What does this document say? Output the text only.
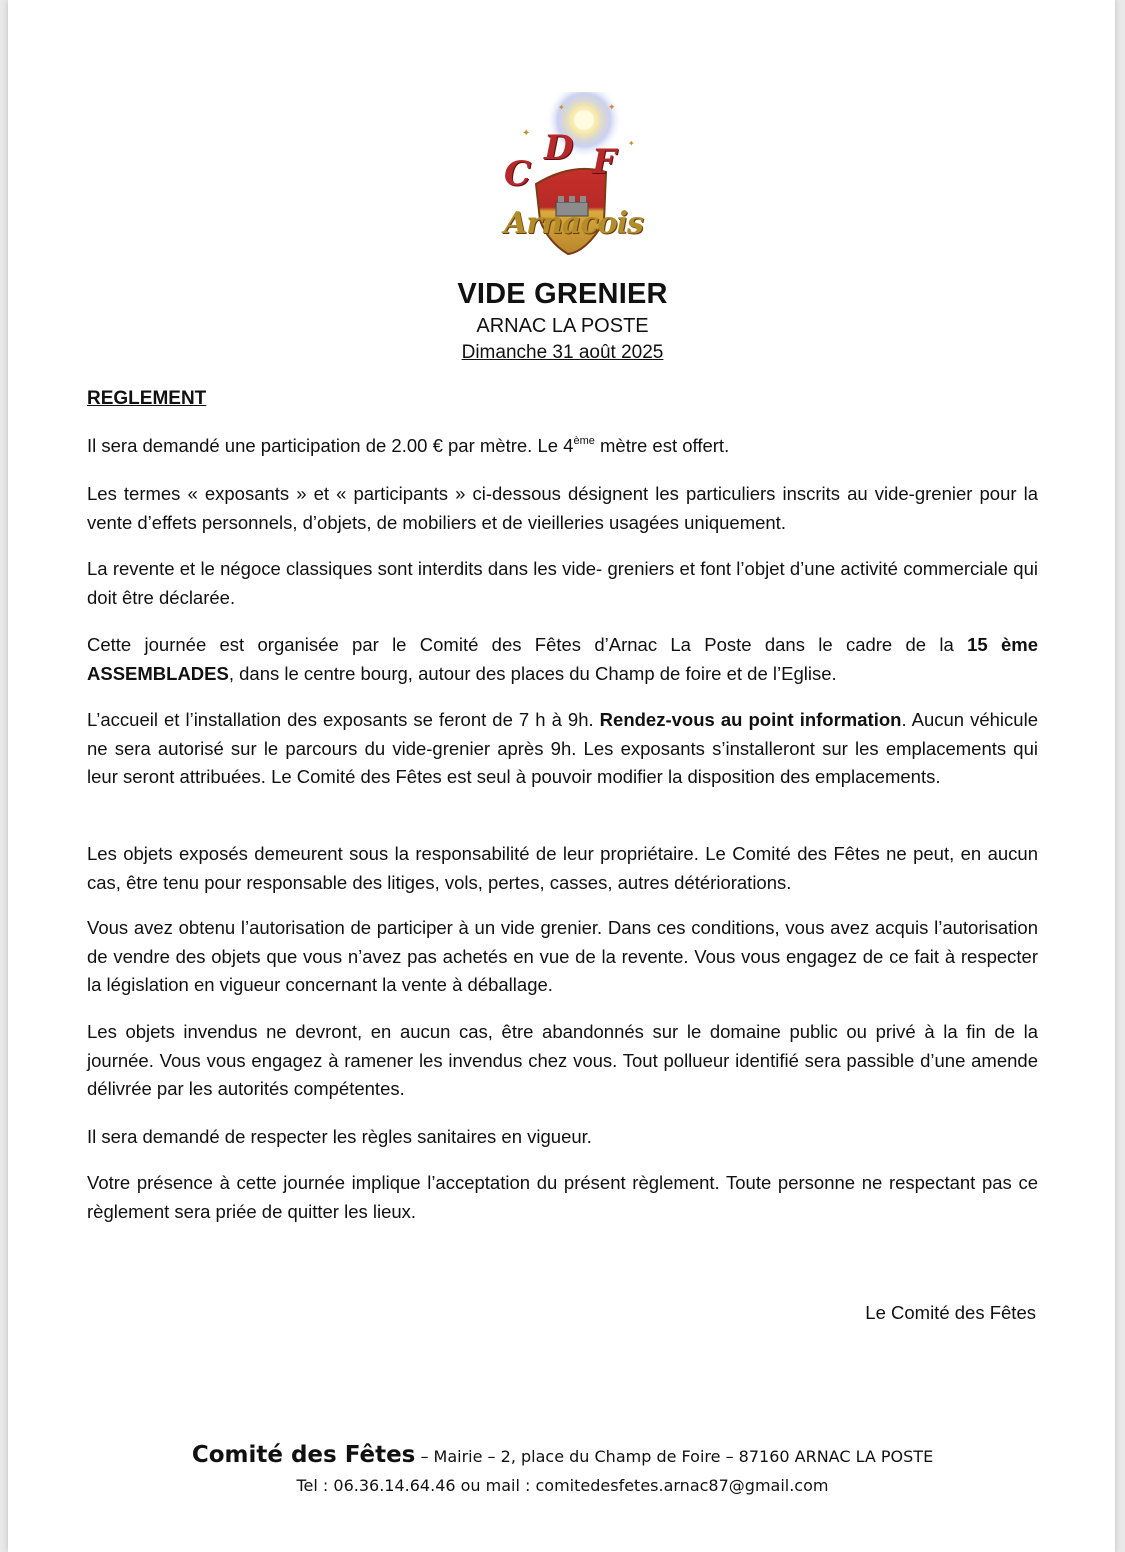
✦
✦
✦
✦
C
D F
Arnacois
VIDE GRENIER
ARNAC LA POSTE
Dimanche 31 août 2025

REGLEMENT

Il sera demandé une participation de 2.00 € par mètre. Le 4ème mètre est offert.

Les termes « exposants » et « participants » ci-dessous désignent les particuliers inscrits au vide-grenier pour la vente d’effets personnels, d’objets, de mobiliers et de vieilleries usagées uniquement.

La revente et le négoce classiques sont interdits dans les vide- greniers et font l’objet d’une activité commerciale qui doit être déclarée.

Cette journée est organisée par le Comité des Fêtes d’Arnac La Poste dans le cadre de la 15 ème ASSEMBLADES, dans le centre bourg, autour des places du Champ de foire et de l’Eglise.

L’accueil et l’installation des exposants se feront de 7 h à 9h. Rendez-vous au point information. Aucun véhicule ne sera autorisé sur le parcours du vide-grenier après 9h. Les exposants s’installeront sur les emplacements qui leur seront attribuées. Le Comité des Fêtes est seul à pouvoir modifier la disposition des emplacements.

Les objets exposés demeurent sous la responsabilité de leur propriétaire. Le Comité des Fêtes ne peut, en aucun cas, être tenu pour responsable des litiges, vols, pertes, casses, autres détériorations.

Vous avez obtenu l’autorisation de participer à un vide grenier. Dans ces conditions, vous avez acquis l’autorisation de vendre des objets que vous n’avez pas achetés en vue de la revente. Vous vous engagez de ce fait à respecter la législation en vigueur concernant la vente à déballage.

Les objets invendus ne devront, en aucun cas, être abandonnés sur le domaine public ou privé à la fin de la journée. Vous vous engagez à ramener les invendus chez vous. Tout pollueur identifié sera passible d’une amende délivrée par les autorités compétentes.

Il sera demandé de respecter les règles sanitaires en vigueur.

Votre présence à cette journée implique l’acceptation du présent règlement. Toute personne ne respectant pas ce règlement sera priée de quitter les lieux.

Le Comité des Fêtes

Comité des Fêtes – Mairie – 2, place du Champ de Foire – 87160 ARNAC LA POSTE

Tel : 06.36.14.64.46 ou mail : comitedesfetes.arnac87@gmail.com
